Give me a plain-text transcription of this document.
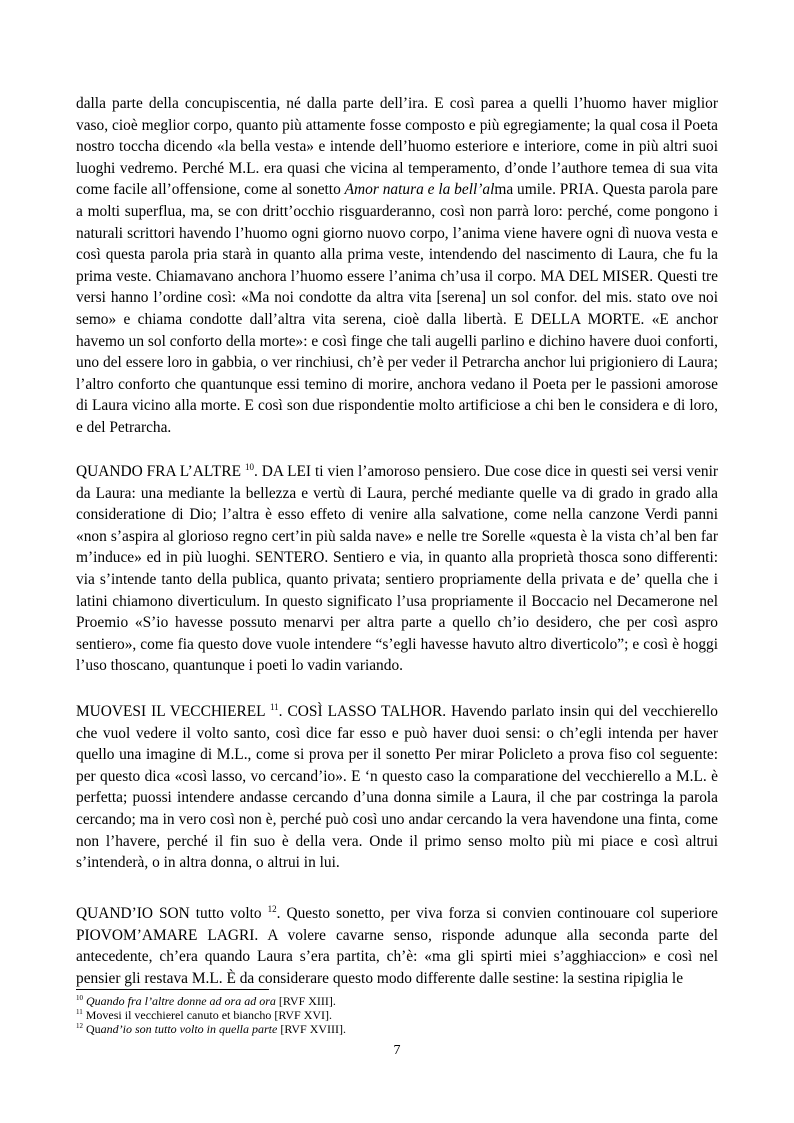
dalla parte della concupiscentia, né dalla parte dell’ira. E così parea a quelli l’huomo haver miglior vaso, cioè meglior corpo, quanto più attamente fosse composto e più egregiamente; la qual cosa il Poeta nostro toccha dicendo «la bella vesta» e intende dell’huomo esteriore e interiore, come in più altri suoi luoghi vedremo. Perché M.L. era quasi che vicina al temperamento, d’onde l’authore temea di sua vita come facile all’offensione, come al sonetto Amor natura e la bell’alma umile. PRIA. Questa parola pare a molti superflua, ma, se con dritt’occhio risguarderanno, così non parrà loro: perché, come pongono i naturali scrittori havendo l’huomo ogni giorno nuovo corpo, l’anima viene havere ogni dì nuova vesta e così questa parola pria starà in quanto alla prima veste, intendendo del nascimento di Laura, che fu la prima veste. Chiamavano anchora l’huomo essere l’anima ch’usa il corpo. MA DEL MISER. Questi tre versi hanno l’ordine così: «Ma noi condotte da altra vita [serena] un sol confor. del mis. stato ove noi semo» e chiama condotte dall’altra vita serena, cioè dalla libertà. E DELLA MORTE. «E anchor havemo un sol conforto della morte»: e così finge che tali augelli parlino e dichino havere duoi conforti, uno del essere loro in gabbia, o ver rinchiusi, ch’è per veder il Petrarcha anchor lui prigioniero di Laura; l’altro conforto che quantunque essi temino di morire, anchora vedano il Poeta per le passioni amorose di Laura vicino alla morte. E così son due rispondentie molto artificiose a chi ben le considera e di loro, e del Petrarcha.

QUANDO FRA L’ALTRE $^{10}$. DA LEI ti vien l’amoroso pensiero. Due cose dice in questi sei versi venir da Laura: una mediante la bellezza e vertù di Laura, perché mediante quelle va di grado in grado alla consideratione di Dio; l’altra è esso effeto di venire alla salvatione, come nella canzone Verdi panni «non s’aspira al glorioso regno cert’in più salda nave» e nelle tre Sorelle «questa è la vista ch’al ben far m’induce» ed in più luoghi. SENTERO. Sentiero e via, in quanto alla proprietà thosca sono differenti: via s’intende tanto della publica, quanto privata; sentiero propriamente della privata e de’ quella che i latini chiamono diverticulum. In questo significato l’usa propriamente il Boccacio nel Decamerone nel Proemio «S’io havesse possuto menarvi per altra parte a quello ch’io desidero, che per così aspro sentiero», come fia questo dove vuole intendere “s’egli havesse havuto altro diverticolo”; e così è hoggi l’uso thoscano, quantunque i poeti lo vadin variando.

MUOVESI IL VECCHIEREL $^{11}$. COSÌ LASSO TALHOR. Havendo parlato insin qui del vecchierello che vuol vedere il volto santo, così dice far esso e può haver duoi sensi: o ch’egli intenda per haver quello una imagine di M.L., come si prova per il sonetto Per mirar Policleto a prova fiso col seguente: per questo dica «così lasso, vo cercand’io». E ‘n questo caso la comparatione del vecchierello a M.L. è perfetta; puossi intendere andasse cercando d’una donna simile a Laura, il che par costringa la parola cercando; ma in vero così non è, perché può così uno andar cercando la vera havendone una finta, come non l’havere, perché il fin suo è della vera. Onde il primo senso molto più mi piace e così altrui s’intenderà, o in altra donna, o altrui in lui.

QUAND’IO SON tutto volto $^{12}$. Questo sonetto, per viva forza si convien continouare col superiore PIOVOM’AMARE LAGRI. A volere cavarne senso, risponde adunque alla seconda parte del antecedente, ch’era quando Laura s’era partita, ch’è: «ma gli spirti miei s’agghiaccion» e così nel pensier gli restava M.L. È da considerare questo modo differente dalle sestine: la sestina ripiglia le

$^{10}$ Quando fra l’altre donne ad ora ad ora [RVF XIII].

$^{11}$ Movesi il vecchierel canuto et biancho [RVF XVI].

$^{12}$ Quand’io son tutto volto in quella parte [RVF XVIII].

7
